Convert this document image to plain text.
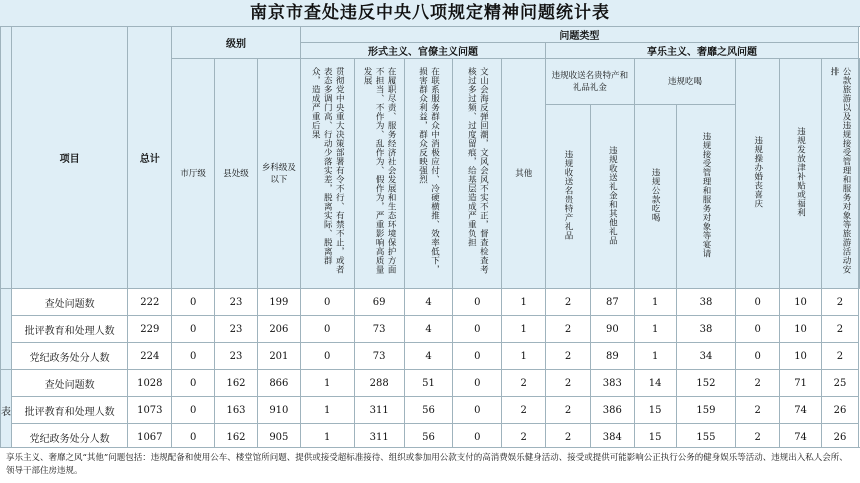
南京市查处违反中央八项规定精神问题统计表
	项目	总计	级别			问题类型												
						形式主义、官僚主义问题					享乐主义、奢靡之风问题							

			市厅级	县处级	乡科级及以下	贯彻党中央重大决策部署有令不行、有禁不止，或者表态多调门高、行动少落实差，脱离实际、脱离群众，造成严重后果	在履职尽责、服务经济社会发展和生态环境保护方面不担当、不作为、乱作为、假作为，严重影响高质量发展	在联系服务群众中消极应付、冷硬横推、效率低下，损害群众利益，群众反映强烈	文山会海反弹回潮，文风会风不实不正，督查检查考核过多过频、过度留痕，给基层造成严重负担	其他	违规收送名贵特产和礼品礼金		违规吃喝		违规操办婚丧喜庆	违规发放津补贴或福利	公款旅游以及违规接受管理和服务对象等旅游活动安排	
											违规收送名贵特产礼品	违规收送礼金和其他礼品	违规公款吃喝	违规接受管理和服务对象等宴请				
	查处问题数	222	0	23	199	0	69	4	0	1	2	87	1	38	0	10	2	
	批评教育和处理人数	229	0	23	206	0	73	4	0	1	2	90	1	38	0	10	2	
	党纪政务处分人数	224	0	23	201	0	73	4	0	1	2	89	1	34	0	10	2	
表	查处问题数	1028	0	162	866	1	288	51	0	2	2	383	14	152	2	71	25	
	批评教育和处理人数	1073	0	163	910	1	311	56	0	2	2	386	15	159	2	74	26	
	党纪政务处分人数	1067	0	162	905	1	311	56	0	2	2	384	15	155	2	74	26	
享乐主义、奢靡之风“其他”问题包括：违规配备和使用公车、楼堂馆所问题、提供或接受超标准接待、组织或参加用公款支付的高消费娱乐健身活动、接受或提供可能影响公正执行公务的健身娱乐等活动、违规出入私人会所、领导干部住房违规。
